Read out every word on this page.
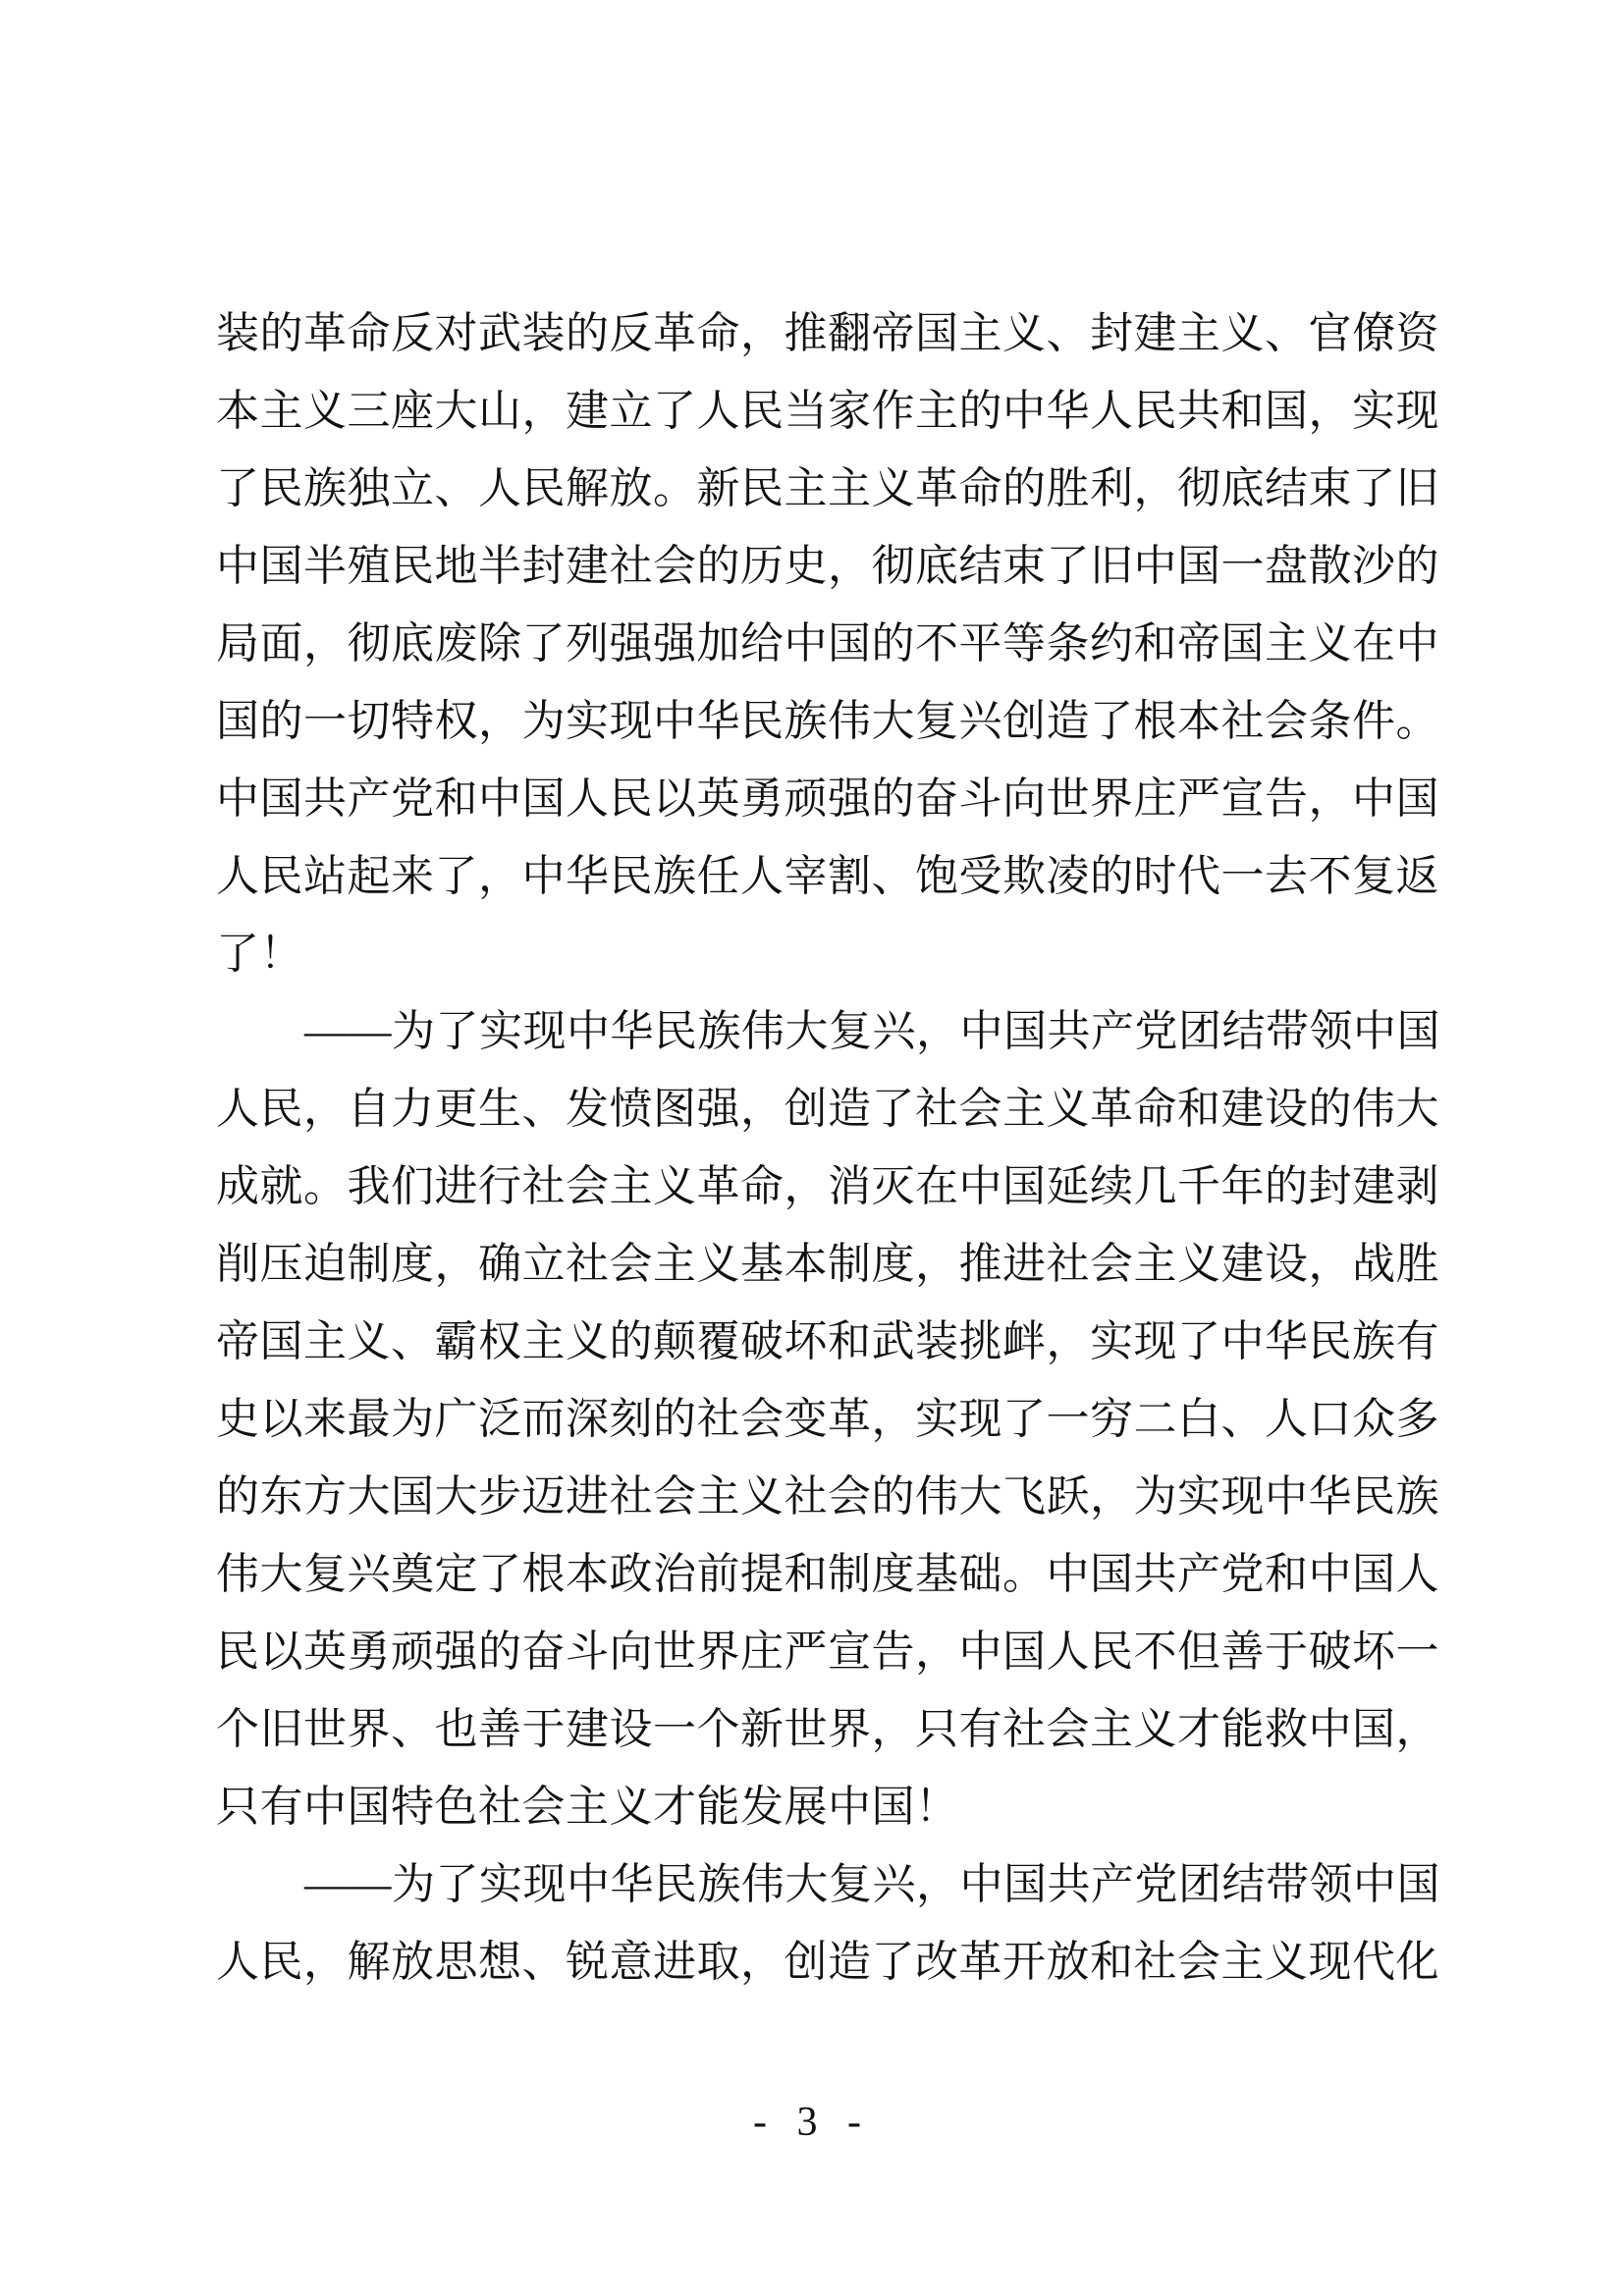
装的革命反对武装的反革命，推翻帝国主义、封建主义、官僚资
本主义三座大山，建立了人民当家作主的中华人民共和国，实现
了民族独立、人民解放。新民主主义革命的胜利，彻底结束了旧
中国半殖民地半封建社会的历史，彻底结束了旧中国一盘散沙的
局面，彻底废除了列强强加给中国的不平等条约和帝国主义在中
国的一切特权，为实现中华民族伟大复兴创造了根本社会条件。
中国共产党和中国人民以英勇顽强的奋斗向世界庄严宣告，中国
人民站起来了，中华民族任人宰割、饱受欺凌的时代一去不复返
了！
——为了实现中华民族伟大复兴，中国共产党团结带领中国
人民，自力更生、发愤图强，创造了社会主义革命和建设的伟大
成就。我们进行社会主义革命，消灭在中国延续几千年的封建剥
削压迫制度，确立社会主义基本制度，推进社会主义建设，战胜
帝国主义、霸权主义的颠覆破坏和武装挑衅，实现了中华民族有
史以来最为广泛而深刻的社会变革，实现了一穷二白、人口众多
的东方大国大步迈进社会主义社会的伟大飞跃，为实现中华民族
伟大复兴奠定了根本政治前提和制度基础。中国共产党和中国人
民以英勇顽强的奋斗向世界庄严宣告，中国人民不但善于破坏一
个旧世界、也善于建设一个新世界，只有社会主义才能救中国，
只有中国特色社会主义才能发展中国！
——为了实现中华民族伟大复兴，中国共产党团结带领中国
人民，解放思想、锐意进取，创造了改革开放和社会主义现代化
- 3 -
